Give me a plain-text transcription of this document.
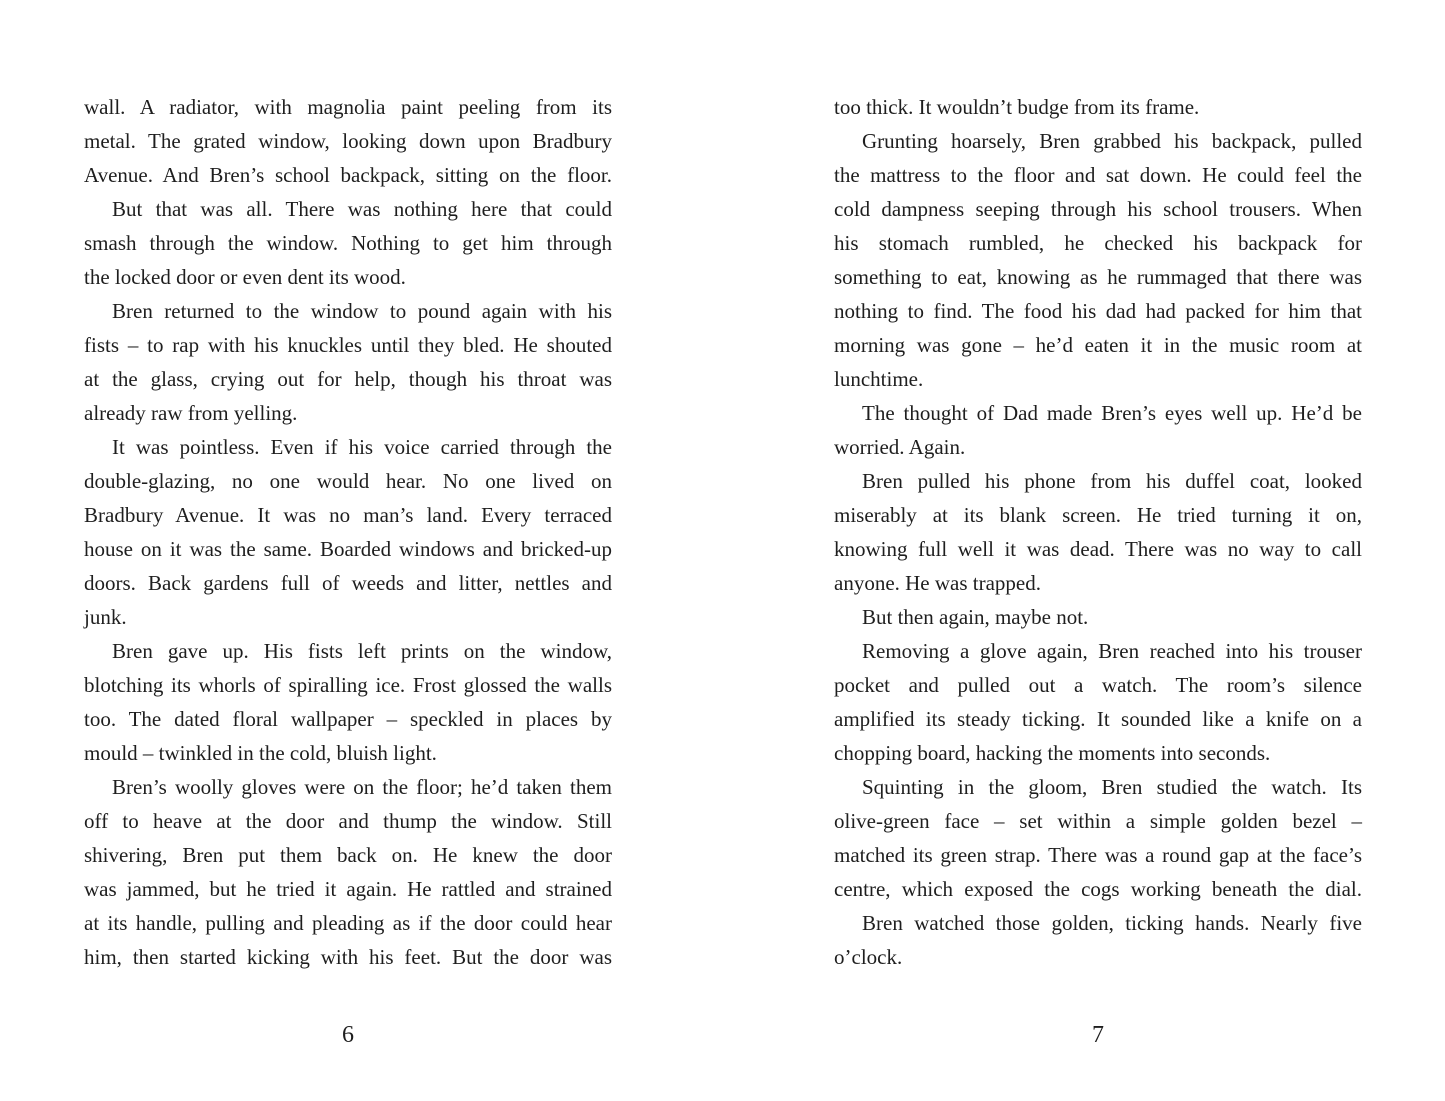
wall. A radiator, with magnolia paint peeling from its
metal. The grated window, looking down upon Bradbury
Avenue. And Bren’s school backpack, sitting on the floor.
But that was all. There was nothing here that could
smash through the window. Nothing to get him through
the locked door or even dent its wood.
Bren returned to the window to pound again with his
fists – to rap with his knuckles until they bled. He shouted
at the glass, crying out for help, though his throat was
already raw from yelling.
It was pointless. Even if his voice carried through the
double-glazing, no one would hear. No one lived on
Bradbury Avenue. It was no man’s land. Every terraced
house on it was the same. Boarded windows and bricked-up
doors. Back gardens full of weeds and litter, nettles and
junk.
Bren gave up. His fists left prints on the window,
blotching its whorls of spiralling ice. Frost glossed the walls
too. The dated floral wallpaper – speckled in places by
mould – twinkled in the cold, bluish light.
Bren’s woolly gloves were on the floor; he’d taken them
off to heave at the door and thump the window. Still
shivering, Bren put them back on. He knew the door
was jammed, but he tried it again. He rattled and strained
at its handle, pulling and pleading as if the door could hear
him, then started kicking with his feet. But the door was
too thick. It wouldn’t budge from its frame.
Grunting hoarsely, Bren grabbed his backpack, pulled
the mattress to the floor and sat down. He could feel the
cold dampness seeping through his school trousers. When
his stomach rumbled, he checked his backpack for
something to eat, knowing as he rummaged that there was
nothing to find. The food his dad had packed for him that
morning was gone – he’d eaten it in the music room at
lunchtime.
The thought of Dad made Bren’s eyes well up. He’d be
worried. Again.
Bren pulled his phone from his duffel coat, looked
miserably at its blank screen. He tried turning it on,
knowing full well it was dead. There was no way to call
anyone. He was trapped.
But then again, maybe not.
Removing a glove again, Bren reached into his trouser
pocket and pulled out a watch. The room’s silence
amplified its steady ticking. It sounded like a knife on a
chopping board, hacking the moments into seconds.
Squinting in the gloom, Bren studied the watch. Its
olive-green face – set within a simple golden bezel –
matched its green strap. There was a round gap at the face’s
centre, which exposed the cogs working beneath the dial.
Bren watched those golden, ticking hands. Nearly five
o’clock.
6	7
